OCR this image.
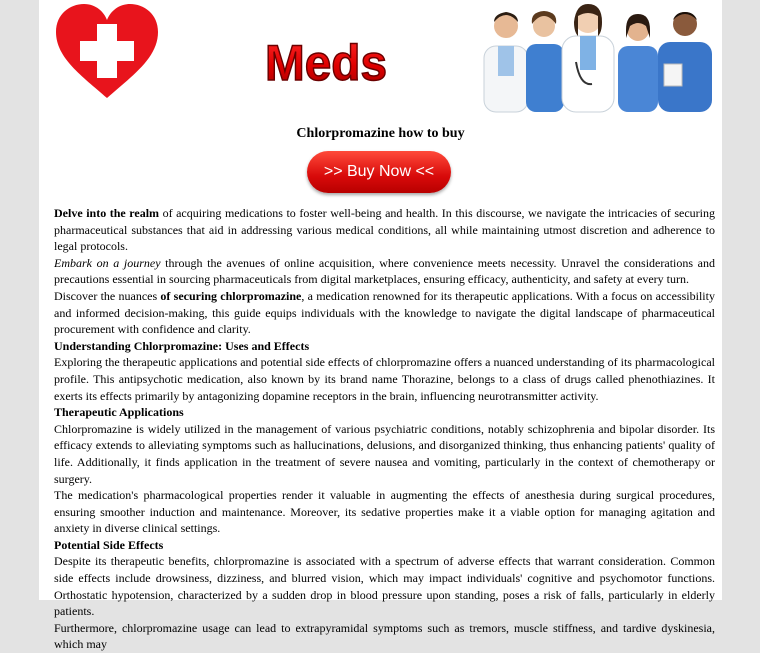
Meds
Chlorpromazine how to buy
>> Buy Now <<

Delve into the realm of acquiring medications to foster well-being and health. In this discourse, we navigate the intricacies of securing pharmaceutical substances that aid in addressing various medical conditions, all while maintaining utmost discretion and adherence to legal protocols.

Embark on a journey through the avenues of online acquisition, where convenience meets necessity. Unravel the considerations and precautions essential in sourcing pharmaceuticals from digital marketplaces, ensuring efficacy, authenticity, and safety at every turn.

Discover the nuances of securing chlorpromazine, a medication renowned for its therapeutic applications. With a focus on accessibility and informed decision-making, this guide equips individuals with the knowledge to navigate the digital landscape of pharmaceutical procurement with confidence and clarity.

Understanding Chlorpromazine: Uses and Effects

Exploring the therapeutic applications and potential side effects of chlorpromazine offers a nuanced understanding of its pharmacological profile. This antipsychotic medication, also known by its brand name Thorazine, belongs to a class of drugs called phenothiazines. It exerts its effects primarily by antagonizing dopamine receptors in the brain, influencing neurotransmitter activity.

Therapeutic Applications

Chlorpromazine is widely utilized in the management of various psychiatric conditions, notably schizophrenia and bipolar disorder. Its efficacy extends to alleviating symptoms such as hallucinations, delusions, and disorganized thinking, thus enhancing patients' quality of life. Additionally, it finds application in the treatment of severe nausea and vomiting, particularly in the context of chemotherapy or surgery.

The medication's pharmacological properties render it valuable in augmenting the effects of anesthesia during surgical procedures, ensuring smoother induction and maintenance. Moreover, its sedative properties make it a viable option for managing agitation and anxiety in diverse clinical settings.

Potential Side Effects

Despite its therapeutic benefits, chlorpromazine is associated with a spectrum of adverse effects that warrant consideration. Common side effects include drowsiness, dizziness, and blurred vision, which may impact individuals' cognitive and psychomotor functions. Orthostatic hypotension, characterized by a sudden drop in blood pressure upon standing, poses a risk of falls, particularly in elderly patients.

Furthermore, chlorpromazine usage can lead to extrapyramidal symptoms such as tremors, muscle stiffness, and tardive dyskinesia, which may
